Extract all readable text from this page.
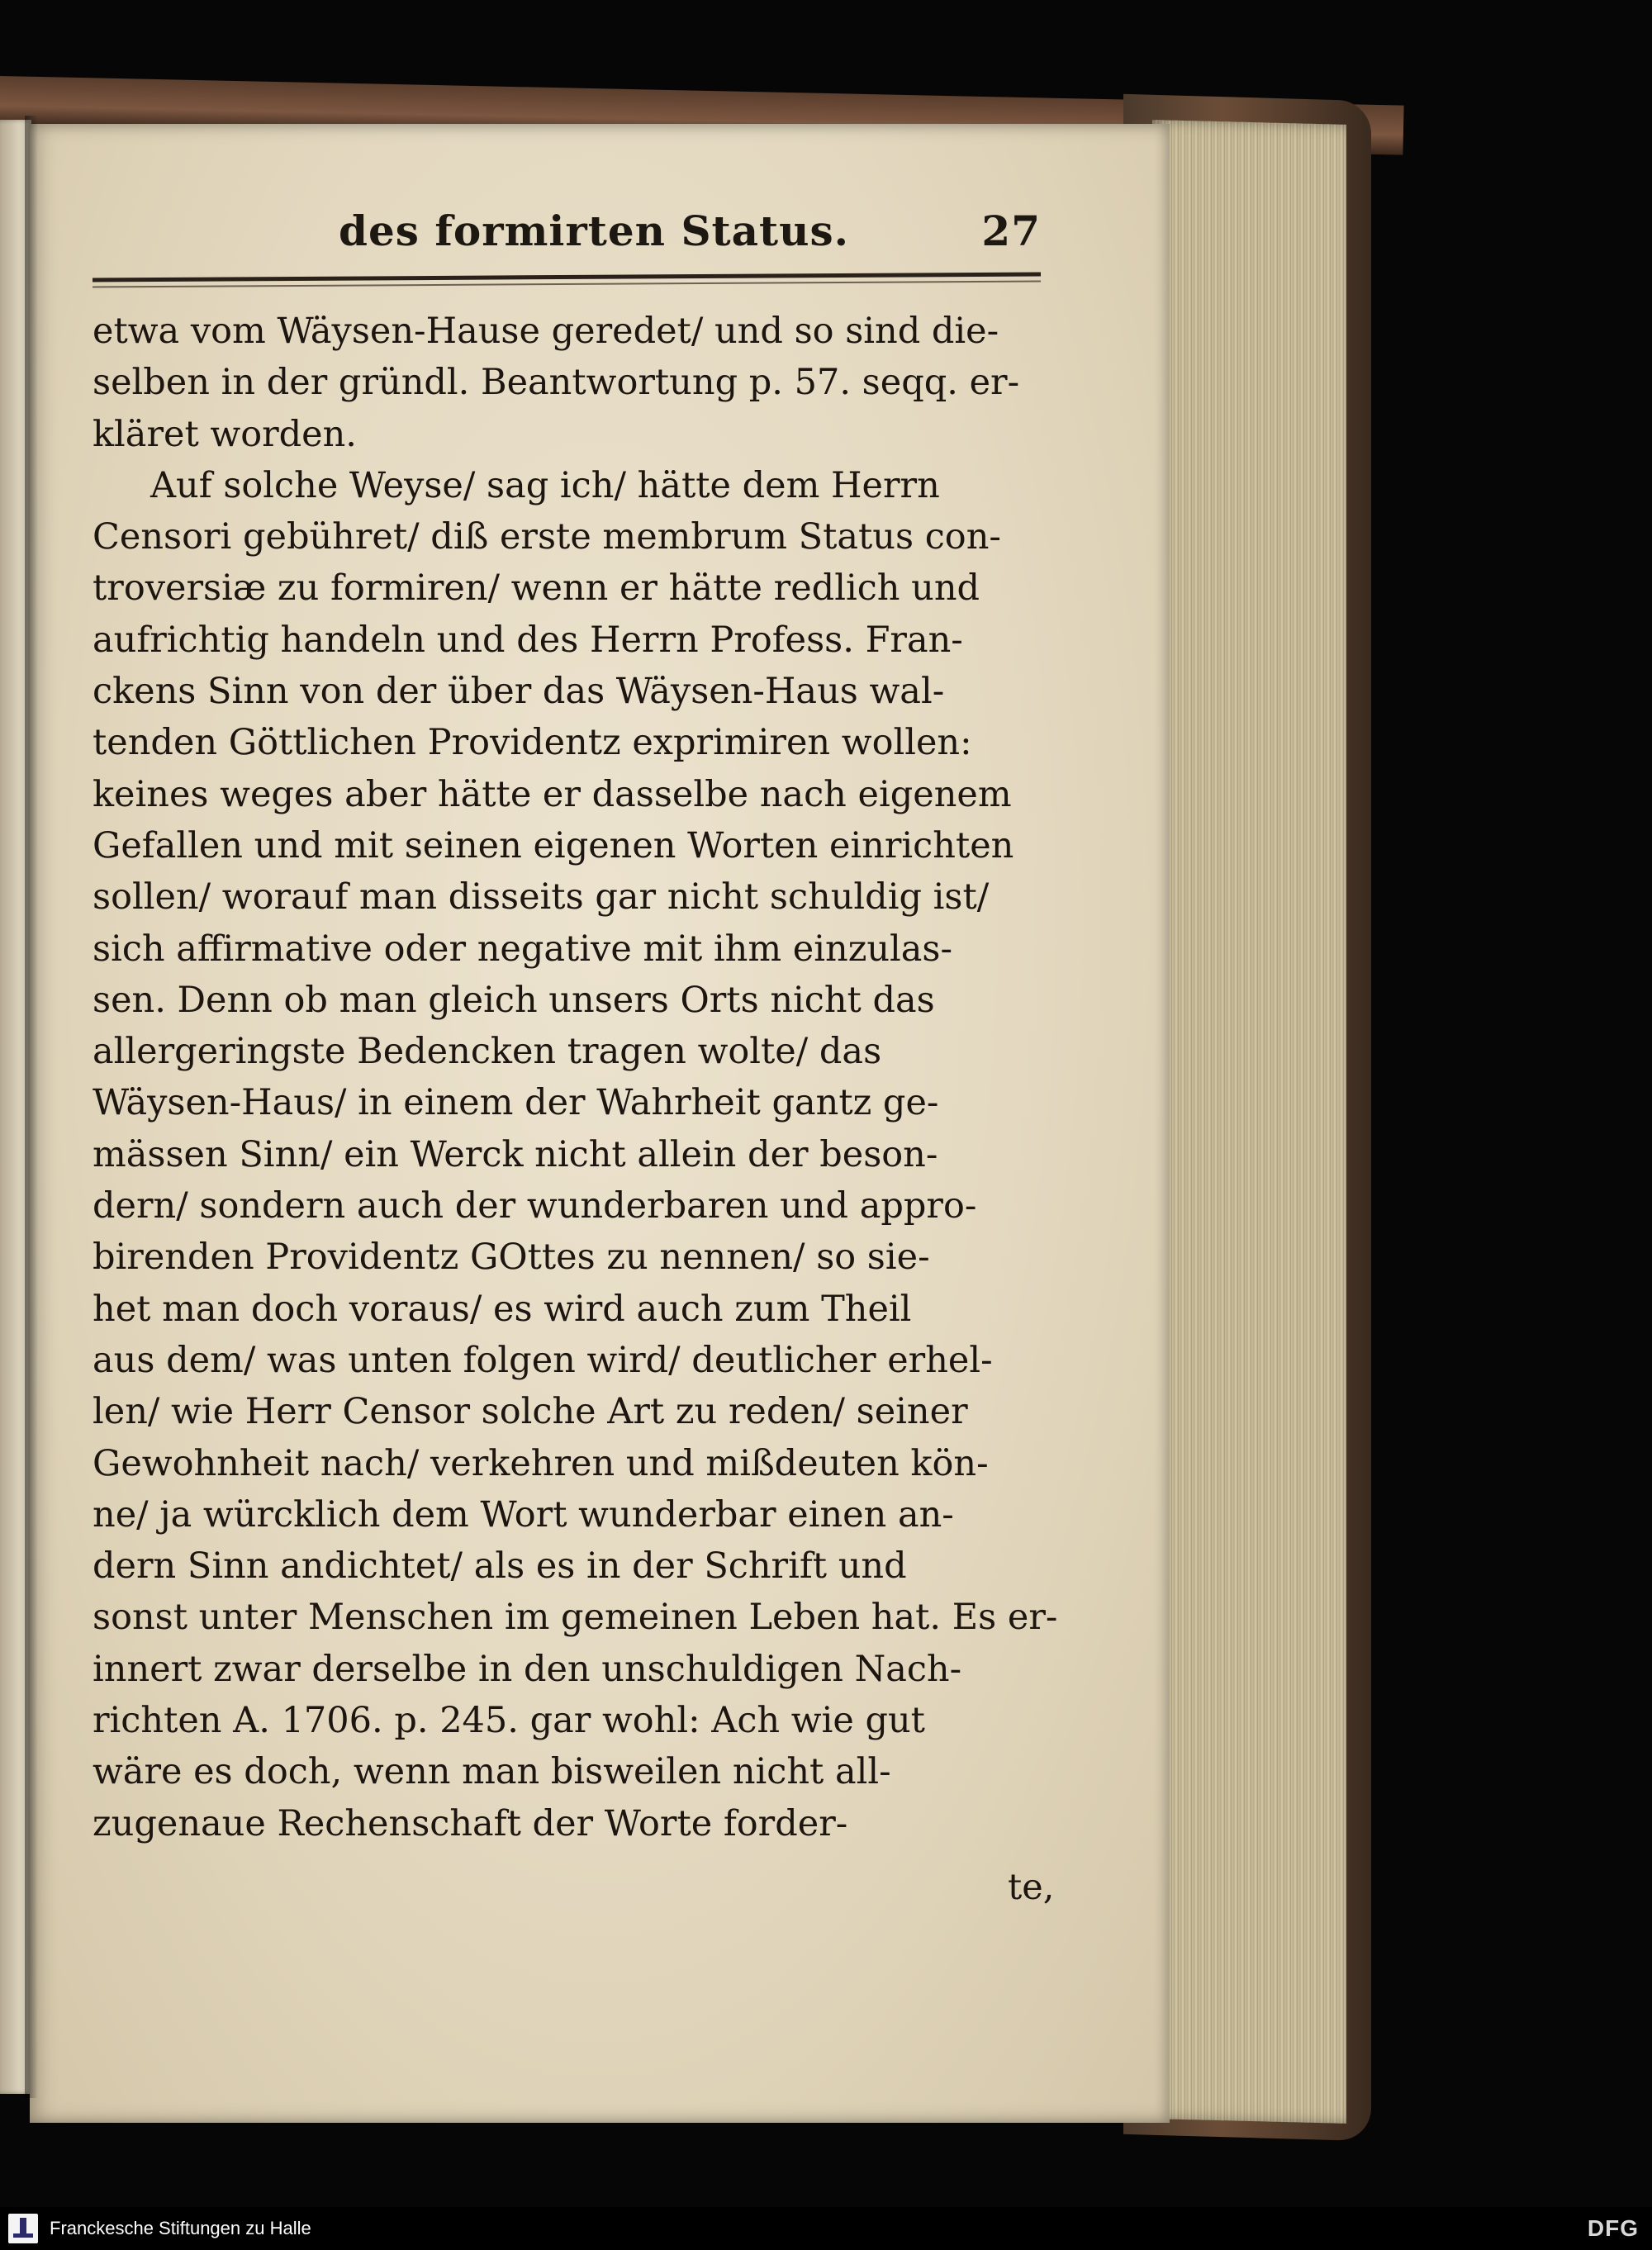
des formirten Status.	27
etwa vom Wäysen-Hause geredet/ und so sind die-
selben in der gründl. Beantwortung p. 57. seqq. er-
kläret worden.
Auf solche Weyse/ sag ich/ hätte dem Herrn
Censori gebühret/ diß erste membrum Status con-
troversiæ zu formiren/ wenn er hätte redlich und
aufrichtig handeln und des Herrn Profess. Fran-
ckens Sinn von der über das Wäysen-Haus wal-
tenden Göttlichen Providentz exprimiren wollen:
keines weges aber hätte er dasselbe nach eigenem
Gefallen und mit seinen eigenen Worten einrichten
sollen/ worauf man disseits gar nicht schuldig ist/
sich affirmative oder negative mit ihm einzulas-
sen. Denn ob man gleich unsers Orts nicht das
allergeringste Bedencken tragen wolte/ das
Wäysen-Haus/ in einem der Wahrheit gantz ge-
mässen Sinn/ ein Werck nicht allein der beson-
dern/ sondern auch der wunderbaren und appro-
birenden Providentz GOttes zu nennen/ so sie-
het man doch voraus/ es wird auch zum Theil
aus dem/ was unten folgen wird/ deutlicher erhel-
len/ wie Herr Censor solche Art zu reden/ seiner
Gewohnheit nach/ verkehren und mißdeuten kön-
ne/ ja würcklich dem Wort wunderbar einen an-
dern Sinn andichtet/ als es in der Schrift und
sonst unter Menschen im gemeinen Leben hat. Es er-
innert zwar derselbe in den unschuldigen Nach-
richten A. 1706. p. 245. gar wohl: Ach wie gut
wäre es doch, wenn man bisweilen nicht all-
zugenaue Rechenschaft der Worte forder-
te,
Franckesche Stiftungen zu Halle	DFG
